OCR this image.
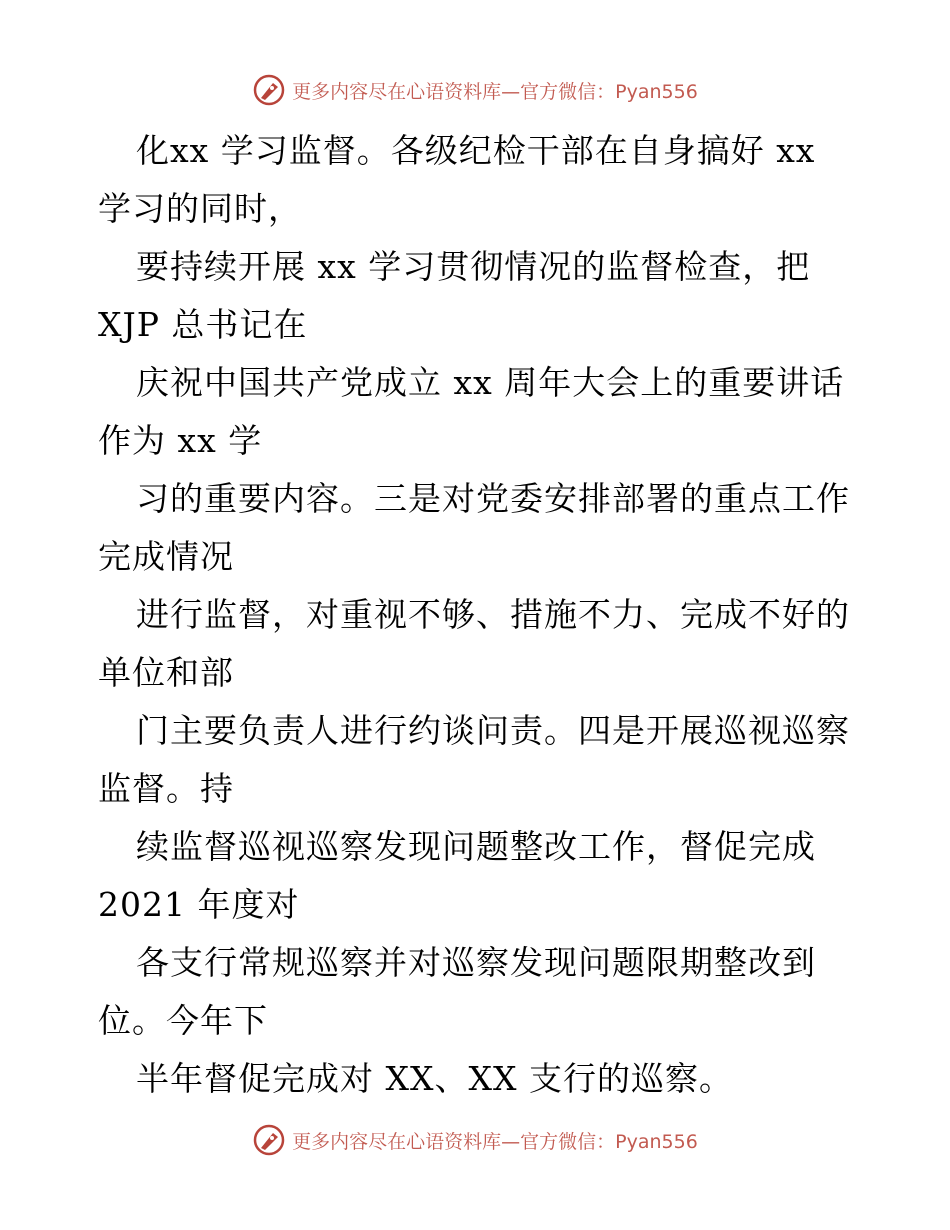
更多内容尽在心语资料库—官方微信：Pyan556
化xx 学习监督。各级纪检干部在自身搞好 xx
学习的同时，
要持续开展 xx 学习贯彻情况的监督检查，把
XJP 总书记在
庆祝中国共产党成立 xx 周年大会上的重要讲话
作为 xx 学
习的重要内容。三是对党委安排部署的重点工作
完成情况
进行监督，对重视不够、措施不力、完成不好的
单位和部
门主要负责人进行约谈问责。四是开展巡视巡察
监督。持
续监督巡视巡察发现问题整改工作，督促完成
2021 年度对
各支行常规巡察并对巡察发现问题限期整改到
位。今年下
半年督促完成对 XX、XX 支行的巡察。
更多内容尽在心语资料库—官方微信：Pyan556
